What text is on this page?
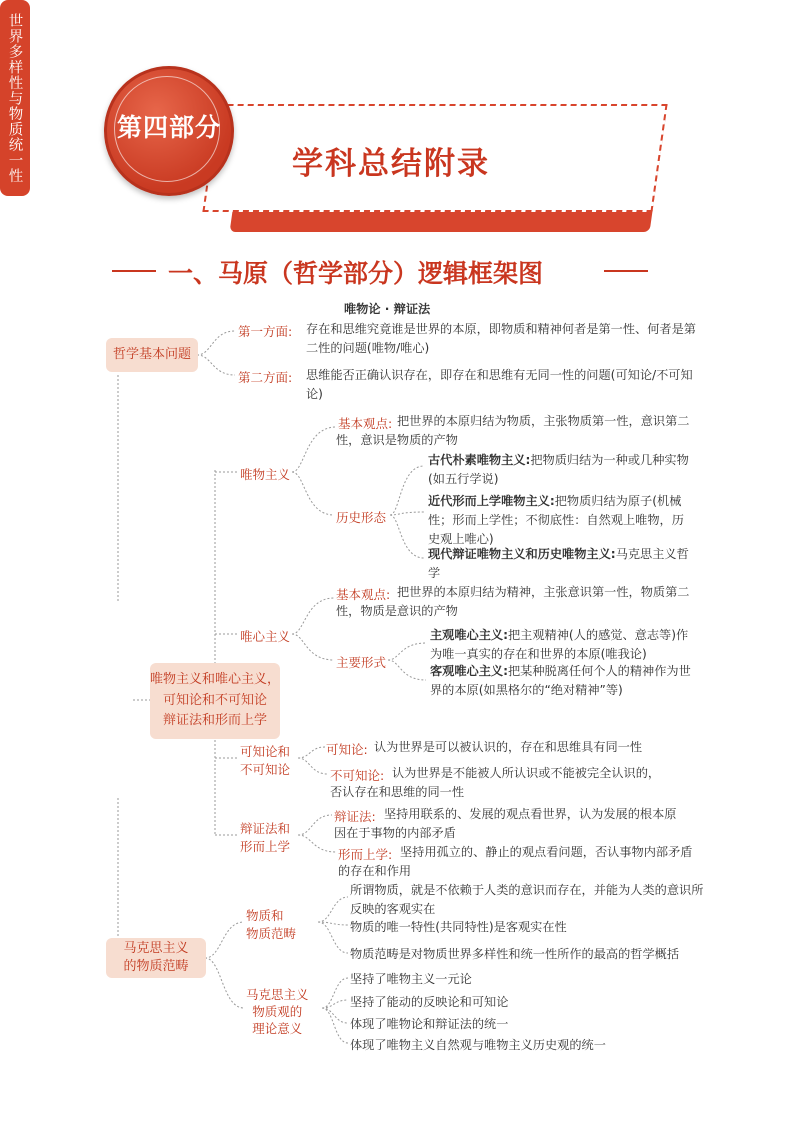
第四部分
学科总结附录
一、马原（哲学部分）逻辑框架图
世界多样性与物质统一性
哲学基本问题
唯物论 · 辩证法
第一方面: 存在和思维究竟谁是世界的本原，即物质和精神何者是第一性、何者是第二性的问题(唯物/唯心)
第二方面: 思维能否正确认识存在，即存在和思维有无同一性的问题(可知论/不可知论)
唯物主义和唯心主义，
可知论和不可知论
辩证法和形而上学
唯物主义
基本观点: 把世界的本原归结为物质，主张物质第一性，意识第二性，意识是物质的产物
历史形态
古代朴素唯物主义:把物质归结为一种或几种实物(如五行学说)
近代形而上学唯物主义:把物质归结为原子(机械性；形而上学性；不彻底性：自然观上唯物，历史观上唯心)
现代辩证唯物主义和历史唯物主义:马克思主义哲学
唯心主义
基本观点: 把世界的本原归结为精神，主张意识第一性，物质第二性，物质是意识的产物
主要形式
主观唯心主义:把主观精神(人的感觉、意志等)作为唯一真实的存在和世界的本原(唯我论)
客观唯心主义:把某种脱离任何个人的精神作为世界的本原(如黑格尔的“绝对精神”等)
可知论和
不可知论
可知论: 认为世界是可以被认识的，存在和思维具有同一性
不可知论: 认为世界是不能被人所认识或不能被完全认识的，否认存在和思维的同一性
辩证法和
形而上学
辩证法: 坚持用联系的、发展的观点看世界，认为发展的根本原因在于事物的内部矛盾
形而上学: 坚持用孤立的、静止的观点看问题，否认事物内部矛盾的存在和作用
马克思主义
的物质范畴
物质和
物质范畴
所谓物质，就是不依赖于人类的意识而存在，并能为人类的意识所反映的客观实在
物质的唯一特性(共同特性)是客观实在性
物质范畴是对物质世界多样性和统一性所作的最高的哲学概括
马克思主义
物质观的
理论意义
坚持了唯物主义一元论
坚持了能动的反映论和可知论
体现了唯物论和辩证法的统一
体现了唯物主义自然观与唯物主义历史观的统一
